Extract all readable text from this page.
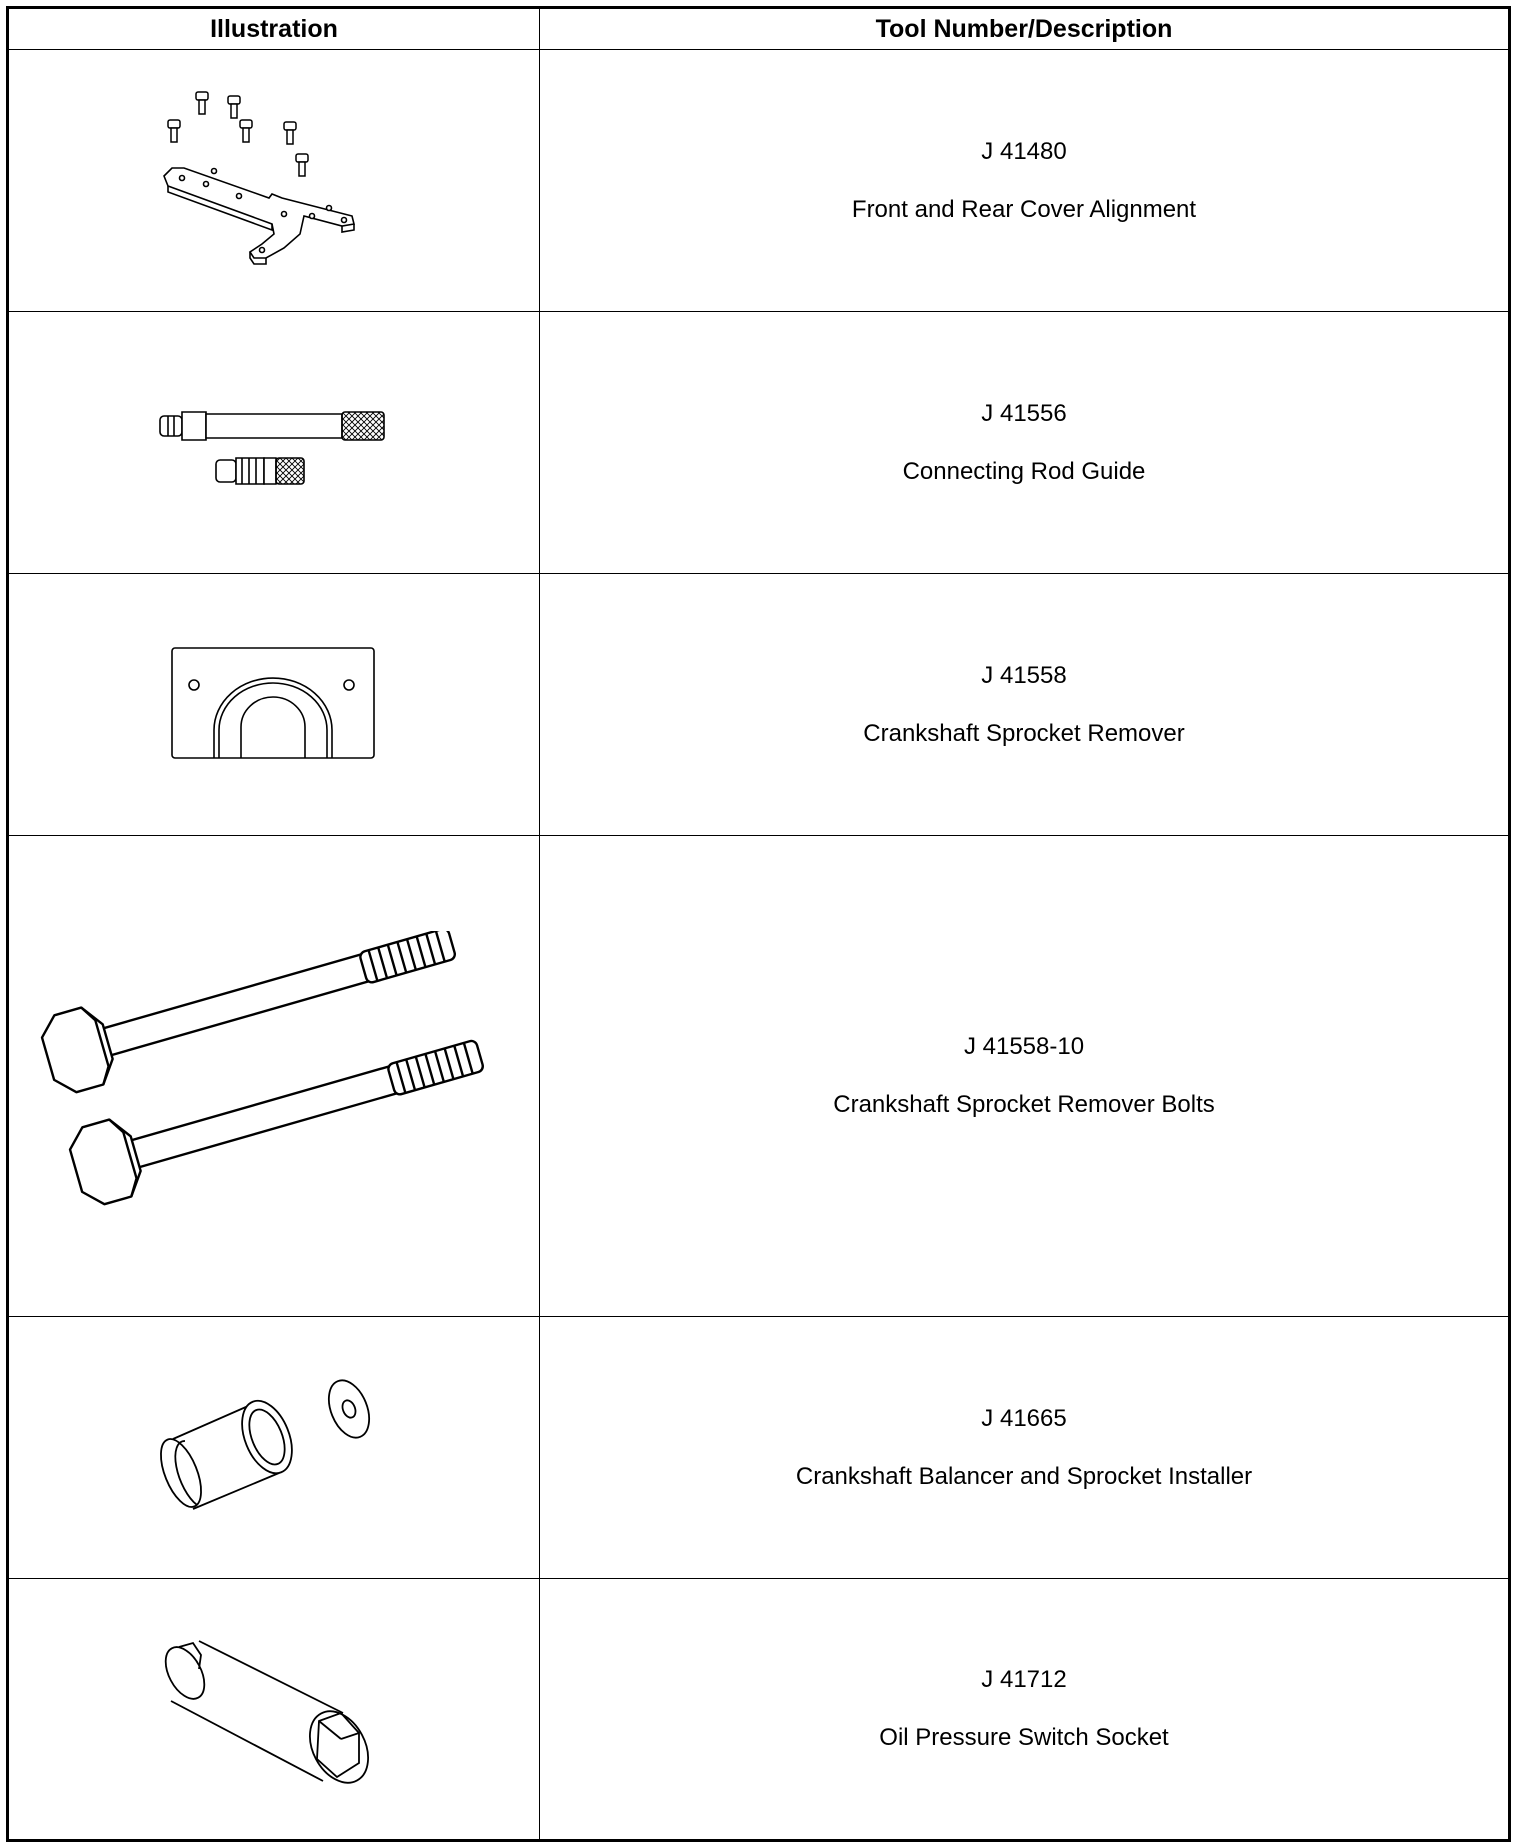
Illustration	Tool Number/Description

J 41480
Front and Rear Cover Alignment

J 41556
Connecting Rod Guide

J 41558
Crankshaft Sprocket Remover

J 41558-10
Crankshaft Sprocket Remover Bolts

J 41665
Crankshaft Balancer and Sprocket Installer

J 41712
Oil Pressure Switch Socket
